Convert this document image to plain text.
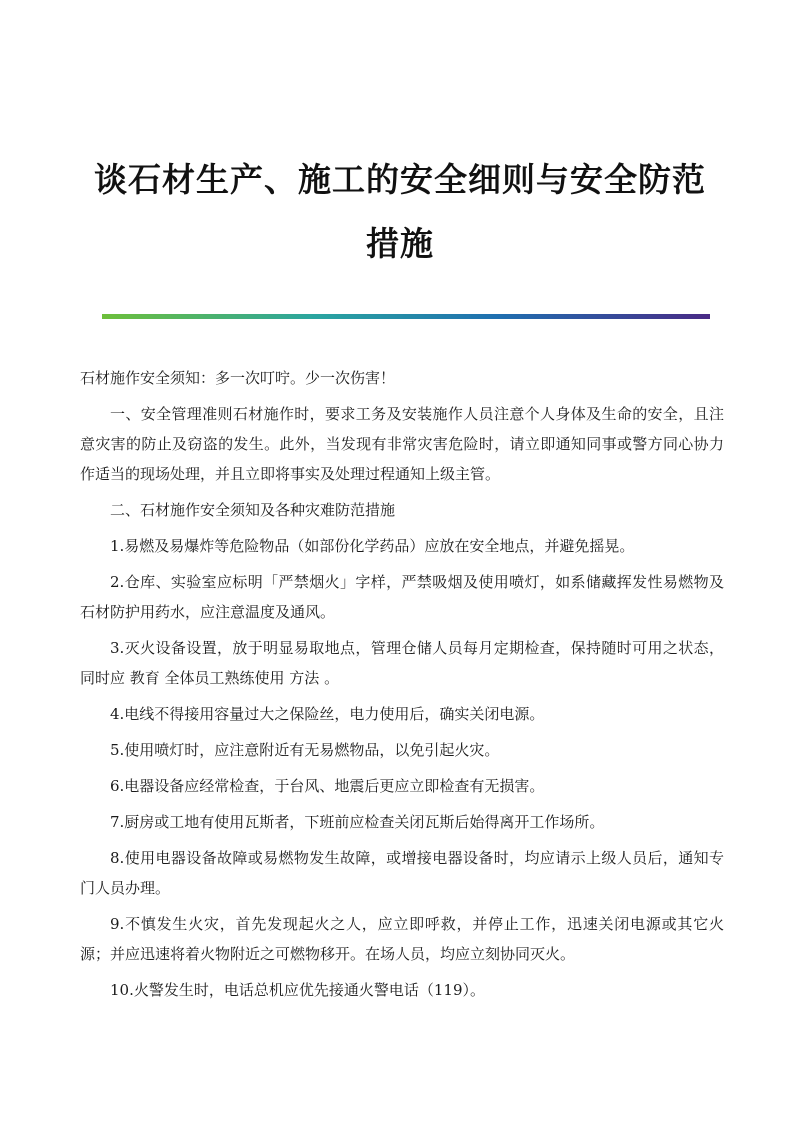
谈石材生产、施工的安全细则与安全防范措施

石材施作安全须知：多一次叮咛。少一次伤害！

一、安全管理准则石材施作时，要求工务及安装施作人员注意个人身体及生命的安全，且注意灾害的防止及窃盗的发生。此外，当发现有非常灾害危险时，请立即通知同事或警方同心协力作适当的现场处理，并且立即将事实及处理过程通知上级主管。

二、石材施作安全须知及各种灾难防范措施

1.易燃及易爆炸等危险物品（如部份化学药品）应放在安全地点，并避免摇晃。

2.仓库、实验室应标明「严禁烟火」字样，严禁吸烟及使用喷灯，如系储藏挥发性易燃物及石材防护用药水，应注意温度及通风。

3.灭火设备设置，放于明显易取地点，管理仓储人员每月定期检查，保持随时可用之状态，同时应 教育 全体员工熟练使用 方法 。

4.电线不得接用容量过大之保险丝，电力使用后，确实关闭电源。

5.使用喷灯时，应注意附近有无易燃物品，以免引起火灾。

6.电器设备应经常检查，于台风、地震后更应立即检查有无损害。

7.厨房或工地有使用瓦斯者，下班前应检查关闭瓦斯后始得离开工作场所。

8.使用电器设备故障或易燃物发生故障，或增接电器设备时，均应请示上级人员后，通知专门人员办理。

9.不慎发生火灾，首先发现起火之人，应立即呼救，并停止工作，迅速关闭电源或其它火源；并应迅速将着火物附近之可燃物移开。在场人员，均应立刻协同灭火。

10.火警发生时，电话总机应优先接通火警电话（119）。
